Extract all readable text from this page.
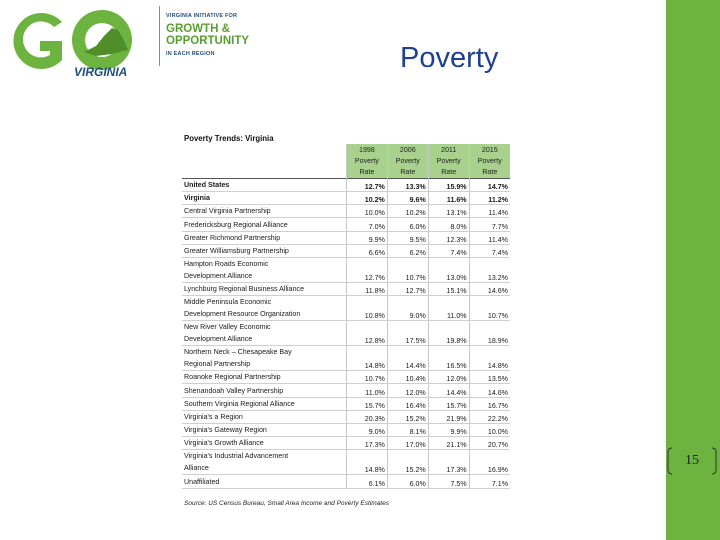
VIRGINIA
VIRGINIA INITIATIVE FOR
GROWTH &
OPPORTUNITY
IN EACH REGION	Poverty
Poverty Trends: Virginia
	1998	2006	2011	2015
	Poverty	Poverty	Poverty	Poverty
	Rate	Rate	Rate	Rate

United States	12.7%	13.3%	15.9%	14.7%

Virginia	10.2%	9.6%	11.6%	11.2%

Central Virginia Partnership	10.0%	10.2%	13.1%	11.4%

Fredericksburg Regional Alliance	7.0%	6.0%	8.0%	7.7%

Greater Richmond Partnership	9.9%	9.5%	12.3%	11.4%

Greater Williamsburg Partnership	6.6%	6.2%	7.4%	7.4%

Hampton Roads Economic
Development Alliance	12.7%	10.7%	13.0%	13.2%

Lynchburg Regional Business Alliance	11.8%	12.7%	15.1%	14.6%

Middle Peninsula Economic
Development Resource Organization	10.8%	9.0%	11.0%	10.7%

New River Valley Economic
Development Alliance	12.8%	17.5%	19.8%	18.9%

Northern Neck – Chesapeake Bay
Regional Partnership	14.8%	14.4%	16.5%	14.8%

Roanoke Regional Partnership	10.7%	10.4%	12.0%	13.5%

Shenandoah Valley Partnership	11.0%	12.0%	14.4%	14.6%

Southern Virginia Regional Alliance	15.7%	16.4%	15.7%	16.7%

Virginia's a Region	20.3%	15.2%	21.9%	22.2%

Virginia's Gateway Region	9.0%	8.1%	9.9%	10.0%

Virginia's Growth Alliance	17.3%	17.0%	21.1%	20.7%

Virginia's Industrial Advancement
Alliance	14.8%	15.2%	17.3%	16.9%

Unaffiliated	6.1%	6.0%	7.5%	7.1%
Source: US Census Bureau, Small Area Income and Poverty Estimates
15
